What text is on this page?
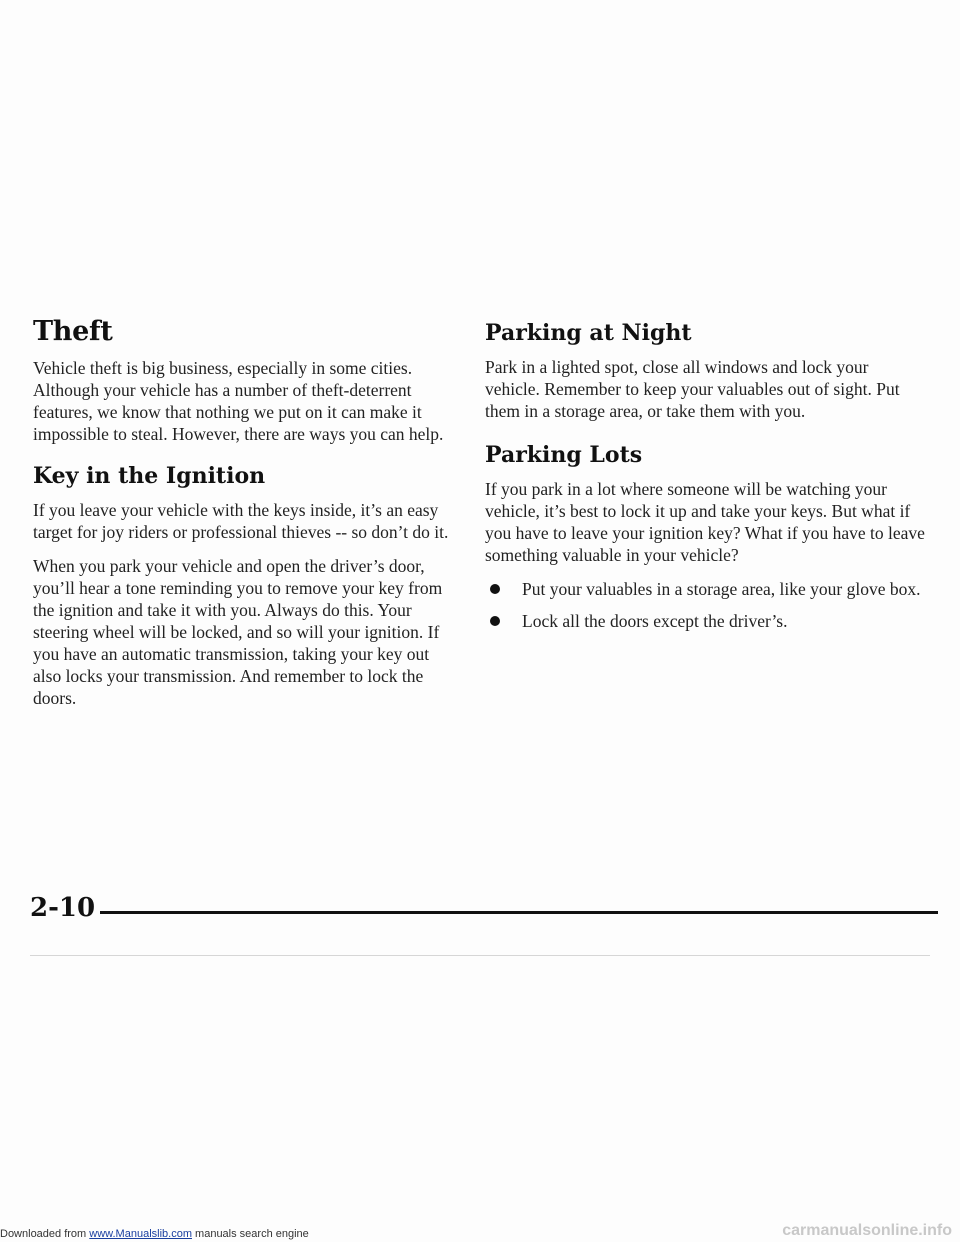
Theft

Vehicle theft is big business, especially in some cities. Although your vehicle has a number of theft-deterrent features, we know that nothing we put on it can make it impossible to steal. However, there are ways you can help.

Key in the Ignition

If you leave your vehicle with the keys inside, it’s an easy target for joy riders or professional thieves -- so don’t do it.

When you park your vehicle and open the driver’s door, you’ll hear a tone reminding you to remove your key from the ignition and take it with you. Always do this. Your steering wheel will be locked, and so will your ignition. If you have an automatic transmission, taking your key out also locks your transmission. And remember to lock the doors.

Parking at Night

Park in a lighted spot, close all windows and lock your vehicle. Remember to keep your valuables out of sight. Put them in a storage area, or take them with you.

Parking Lots

If you park in a lot where someone will be watching your vehicle, it’s best to lock it up and take your keys. But what if you have to leave your ignition key? What if you have to leave something valuable in your vehicle?

Put your valuables in a storage area, like your glove box.
Lock all the doors except the driver’s.
2-10
Downloaded from www.Manualslib.com manuals search engine	carmanualsonline.info
